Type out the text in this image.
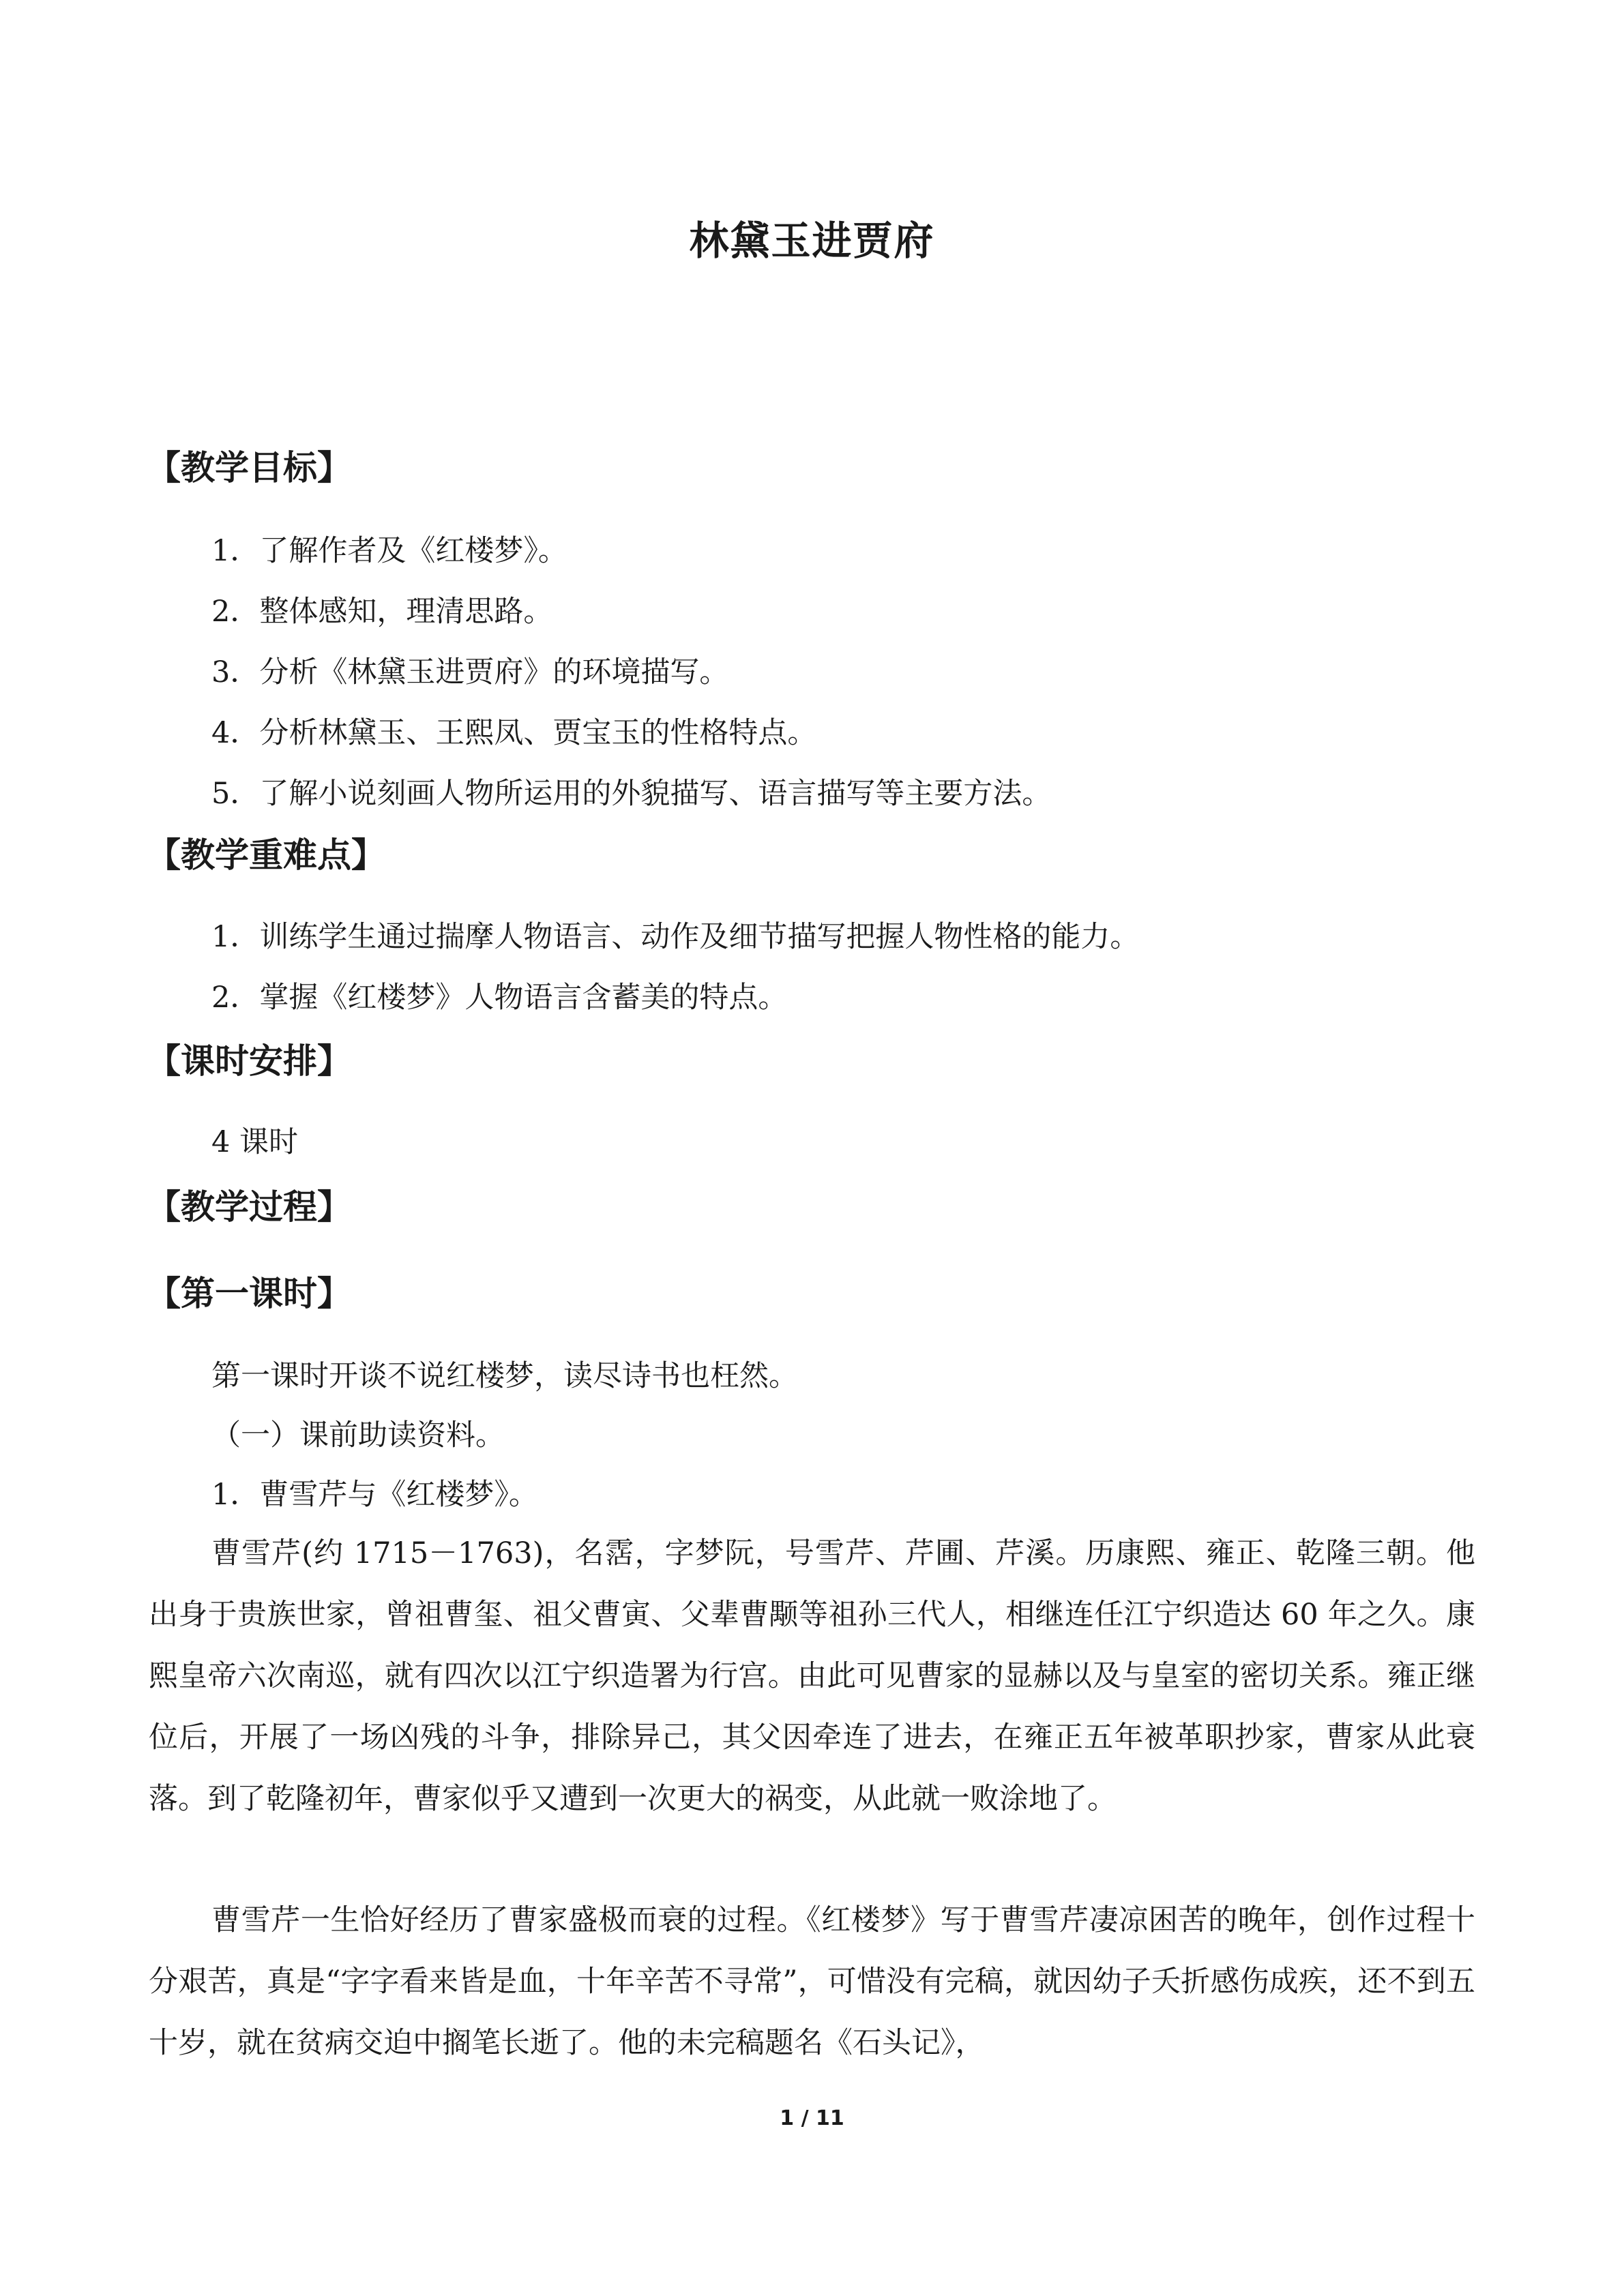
林黛玉进贾府
【教学目标】
1．了解作者及《红楼梦》。
2．整体感知，理清思路。
3．分析《林黛玉进贾府》的环境描写。
4．分析林黛玉、王熙凤、贾宝玉的性格特点。
5．了解小说刻画人物所运用的外貌描写、语言描写等主要方法。
【教学重难点】
1．训练学生通过揣摩人物语言、动作及细节描写把握人物性格的能力。
2．掌握《红楼梦》人物语言含蓄美的特点。
【课时安排】
4 课时
【教学过程】
【第一课时】
第一课时开谈不说红楼梦，读尽诗书也枉然。
（一）课前助读资料。
1．曹雪芹与《红楼梦》。
曹雪芹(约 1715－1763)，名霑，字梦阮，号雪芹、芹圃、芹溪。历康熙、雍正、乾隆三朝。他出身于贵族世家，曾祖曹玺、祖父曹寅、父辈曹颙等祖孙三代人，相继连任江宁织造达 60 年之久。康熙皇帝六次南巡，就有四次以江宁织造署为行宫。由此可见曹家的显赫以及与皇室的密切关系。雍正继位后，开展了一场凶残的斗争，排除异己，其父因牵连了进去，在雍正五年被革职抄家，曹家从此衰落。到了乾隆初年，曹家似乎又遭到一次更大的祸变，从此就一败涂地了。
曹雪芹一生恰好经历了曹家盛极而衰的过程。《红楼梦》写于曹雪芹凄凉困苦的晚年，创作过程十分艰苦，真是“字字看来皆是血，十年辛苦不寻常”，可惜没有完稿，就因幼子夭折感伤成疾，还不到五十岁，就在贫病交迫中搁笔长逝了。他的未完稿题名《石头记》，
1 / 11
